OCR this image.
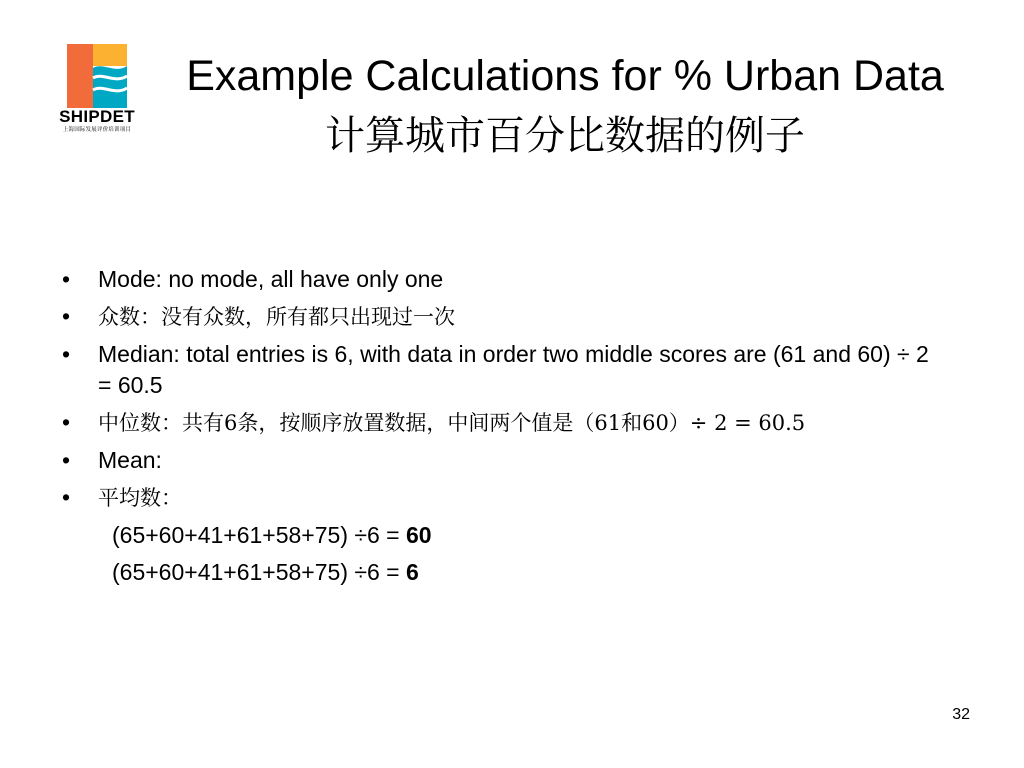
SHIPDET
上海国际发展评价培训项目
Example Calculations for % Urban Data
计算城市百分比数据的例子
•	Mode: no mode, all have only one
•	众数：没有众数，所有都只出现过一次
•	Median: total entries is 6, with data in order two middle scores are (61 and 60) ÷ 2 = 60.5
•	中位数：共有6条，按顺序放置数据，中间两个值是（61和60）÷ 2 = 60.5
•	Mean:
•	平均数：
(65+60+41+61+58+75) ÷6 = 60
(65+60+41+61+58+75) ÷6 = 6
32
